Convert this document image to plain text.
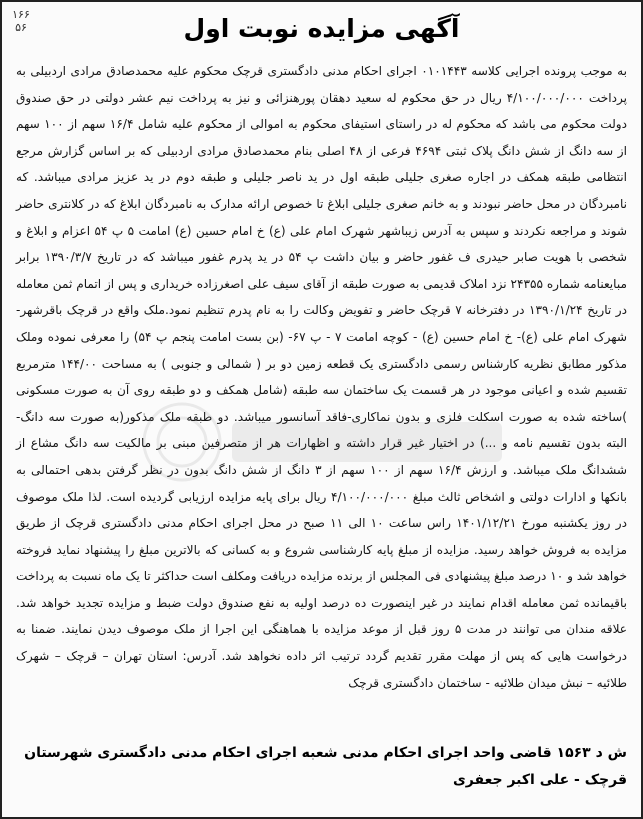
۱۶۶ ۵۶	آگهی مزایده نوبت اول

به موجب پرونده اجرایی کلاسه ۰۱۰۱۴۴۳ اجرای احکام مدنی دادگستری قرچک محکوم علیه محمدصادق مرادی اردبیلی به پرداخت ۴/۱۰۰/۰۰۰/۰۰۰ ریال در حق محکوم له سعید دهقان پورهنزائی و نیز به پرداخت نیم عشر دولتی در حق صندوق دولت محکوم می باشد که محکوم له در راستای استیفای محکوم به اموالی از محکوم علیه شامل ۱۶/۴ سهم از ۱۰۰ سهم از سه دانگ از شش دانگ پلاک ثبتی ۴۶۹۴ فرعی از ۴۸ اصلی بنام محمدصادق مرادی اردبیلی که بر اساس گزارش مرجع انتظامی طبقه همکف در اجاره صغری جلیلی طبقه اول در ید ناصر جلیلی و طبقه دوم در ید عزیز مرادی میباشد. که نامبردگان در محل حاضر نبودند و به خانم صغری جلیلی ابلاغ تا خصوص ارائه مدارک به نامبردگان ابلاغ که در کلانتری حاضر شوند و مراجعه نکردند و سپس به آدرس زیباشهر شهرک امام علی (ع) خ امام حسین (ع) امامت ۵ پ ۵۴ اعزام و ابلاغ و شخصی با هویت صابر حیدری ف غفور حاضر و بیان داشت پ ۵۴ در ید پدرم غفور میباشد که در تاریخ ۱۳۹۰/۳/۷ برابر مبایعنامه شماره ۲۴۳۵۵ نزد املاک قدیمی به صورت طبقه از آقای سیف علی اصغرزاده خریداری و پس از اتمام ثمن معامله در تاریخ ۱۳۹۰/۱/۲۴ در دفترخانه ۷ قرچک حاضر و تفویض وکالت را به نام پدرم تنظیم نمود.ملک واقع در قرچک باقرشهر- شهرک امام علی (ع)- خ امام حسین (ع) - کوچه امامت ۷ - پ ۶۷- (بن بست امامت پنجم پ ۵۴) را معرفی نموده وملک مذکور مطابق نظریه کارشناس رسمی دادگستری یک قطعه زمین دو بر ( شمالی و جنوبی ) به مساحت ۱۴۴/۰۰ مترمربع تقسیم شده و اعیانی موجود در هر قسمت یک ساختمان سه طبقه (شامل همکف و دو طبقه روی آن به صورت مسکونی )ساخته شده به صورت اسکلت فلزی و بدون نماکاری-فاقد آسانسور میباشد. دو طبقه ملک مذکور(به صورت سه دانگ- البته بدون تقسیم نامه و ...) در اختیار غیر قرار داشته و اظهارات هر از متصرفین مبنی بر مالکیت سه دانگ مشاع از ششدانگ ملک میباشد. و ارزش ۱۶/۴ سهم از ۱۰۰ سهم از ۳ دانگ از شش دانگ بدون در نظر گرفتن بدهی احتمالی به بانکها و ادارات دولتی و اشخاص ثالث مبلغ ۴/۱۰۰/۰۰۰/۰۰۰ ریال برای پایه مزایده ارزیابی گردیده است. لذا ملک موصوف در روز یکشنبه مورخ ۱۴۰۱/۱۲/۲۱ راس ساعت ۱۰ الی ۱۱ صبح در محل اجرای احکام مدنی دادگستری قرچک از طریق مزایده به فروش خواهد رسید. مزایده از مبلغ پایه کارشناسی شروع و به کسانی که بالاترین مبلغ را پیشنهاد نماید فروخته خواهد شد و ۱۰ درصد مبلغ پیشنهادی فی المجلس از برنده مزایده دریافت ومکلف است حداکثر تا یک ماه نسبت به پرداخت باقیمانده ثمن معامله اقدام نمایند در غیر اینصورت ده درصد اولیه به نفع صندوق دولت ضبط و مزایده تجدید خواهد شد. علاقه مندان می توانند در مدت ۵ روز قبل از موعد مزایده با هماهنگی این اجرا از ملک موصوف دیدن نمایند. ضمنا به درخواست هایی که پس از مهلت مقرر تقدیم گردد ترتیب اثر داده نخواهد شد. آدرس: استان تهران – قرچک – شهرک طلائیه – نبش میدان طلائیه - ساختمان دادگستری قرچک

ش د ۱۵۶۳ قاضی واحد اجرای احکام مدنی شعبه اجرای احکام مدنی دادگستری شهرستان

قرچک - علی اکبر جعفری
